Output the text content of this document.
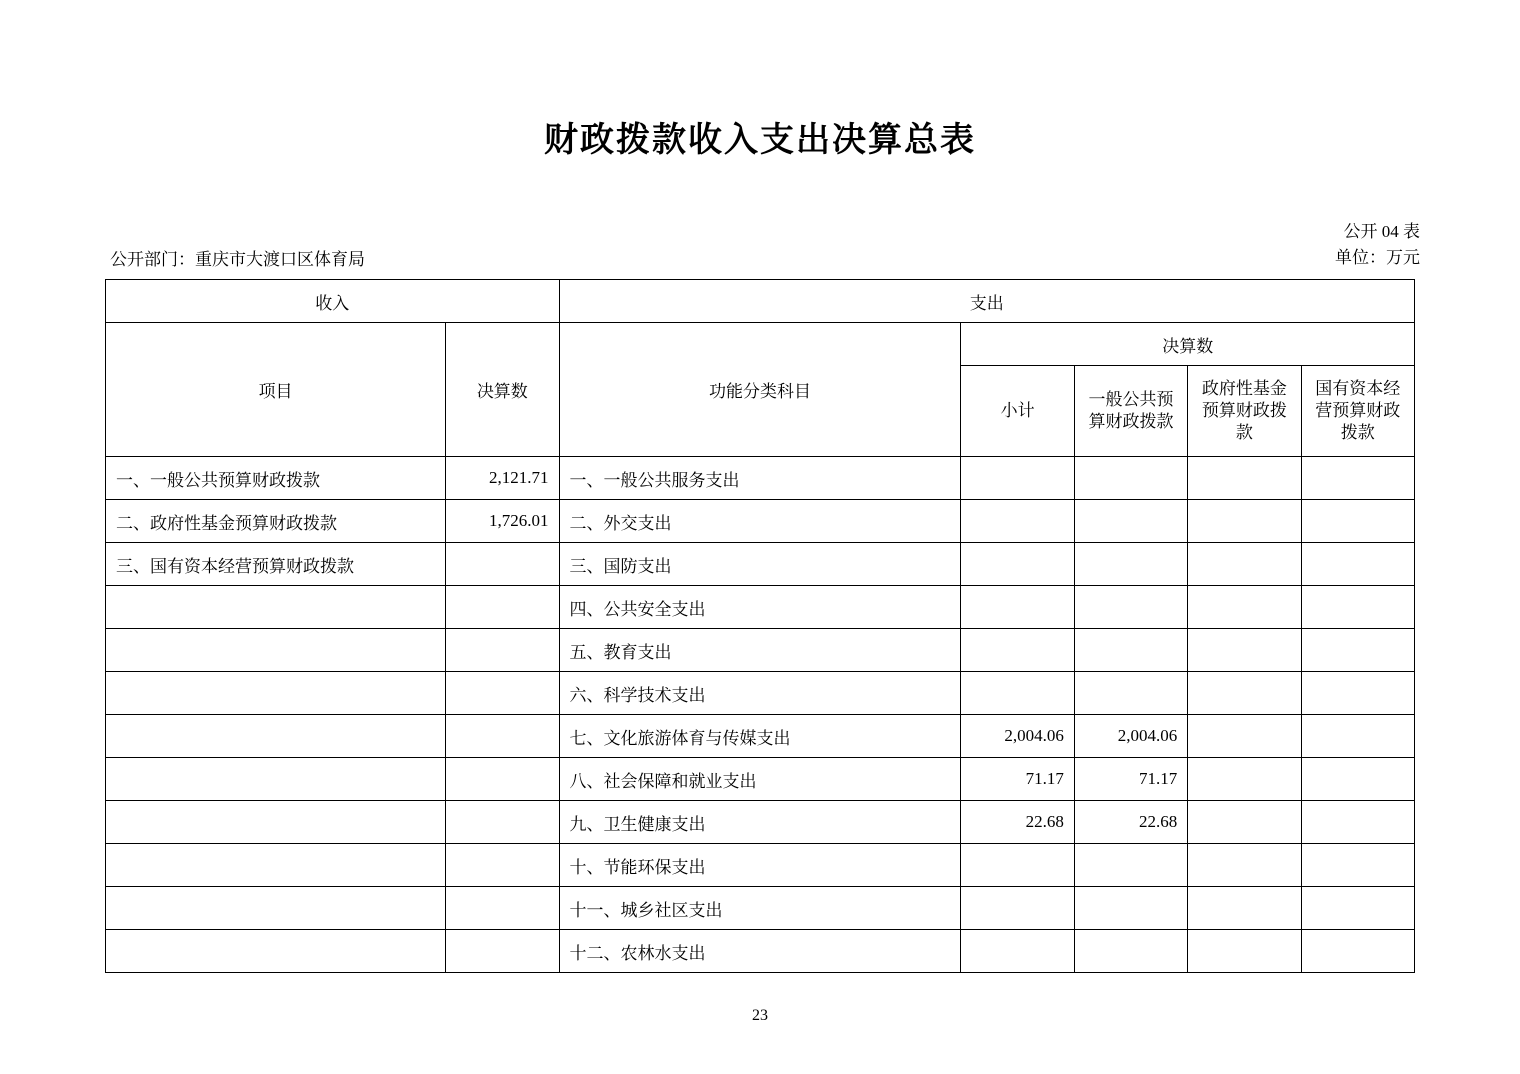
财政拨款收入支出决算总表
公开 04 表
单位：万元
公开部门：重庆市大渡口区体育局
收入		支出				
项目	决算数	功能分类科目	决算数			
			小计	一般公共预算财政拨款	政府性基金预算财政拨款	国有资本经营预算财政拨款
一、一般公共预算财政拨款	2,121.71	一、一般公共服务支出				
二、政府性基金预算财政拨款	1,726.01	二、外交支出				
三、国有资本经营预算财政拨款		三、国防支出				
		四、公共安全支出				
		五、教育支出				
		六、科学技术支出				
		七、文化旅游体育与传媒支出	2,004.06	2,004.06		
		八、社会保障和就业支出	71.17	71.17		
		九、卫生健康支出	22.68	22.68		
		十、节能环保支出				
		十一、城乡社区支出				
		十二、农林水支出				
23
